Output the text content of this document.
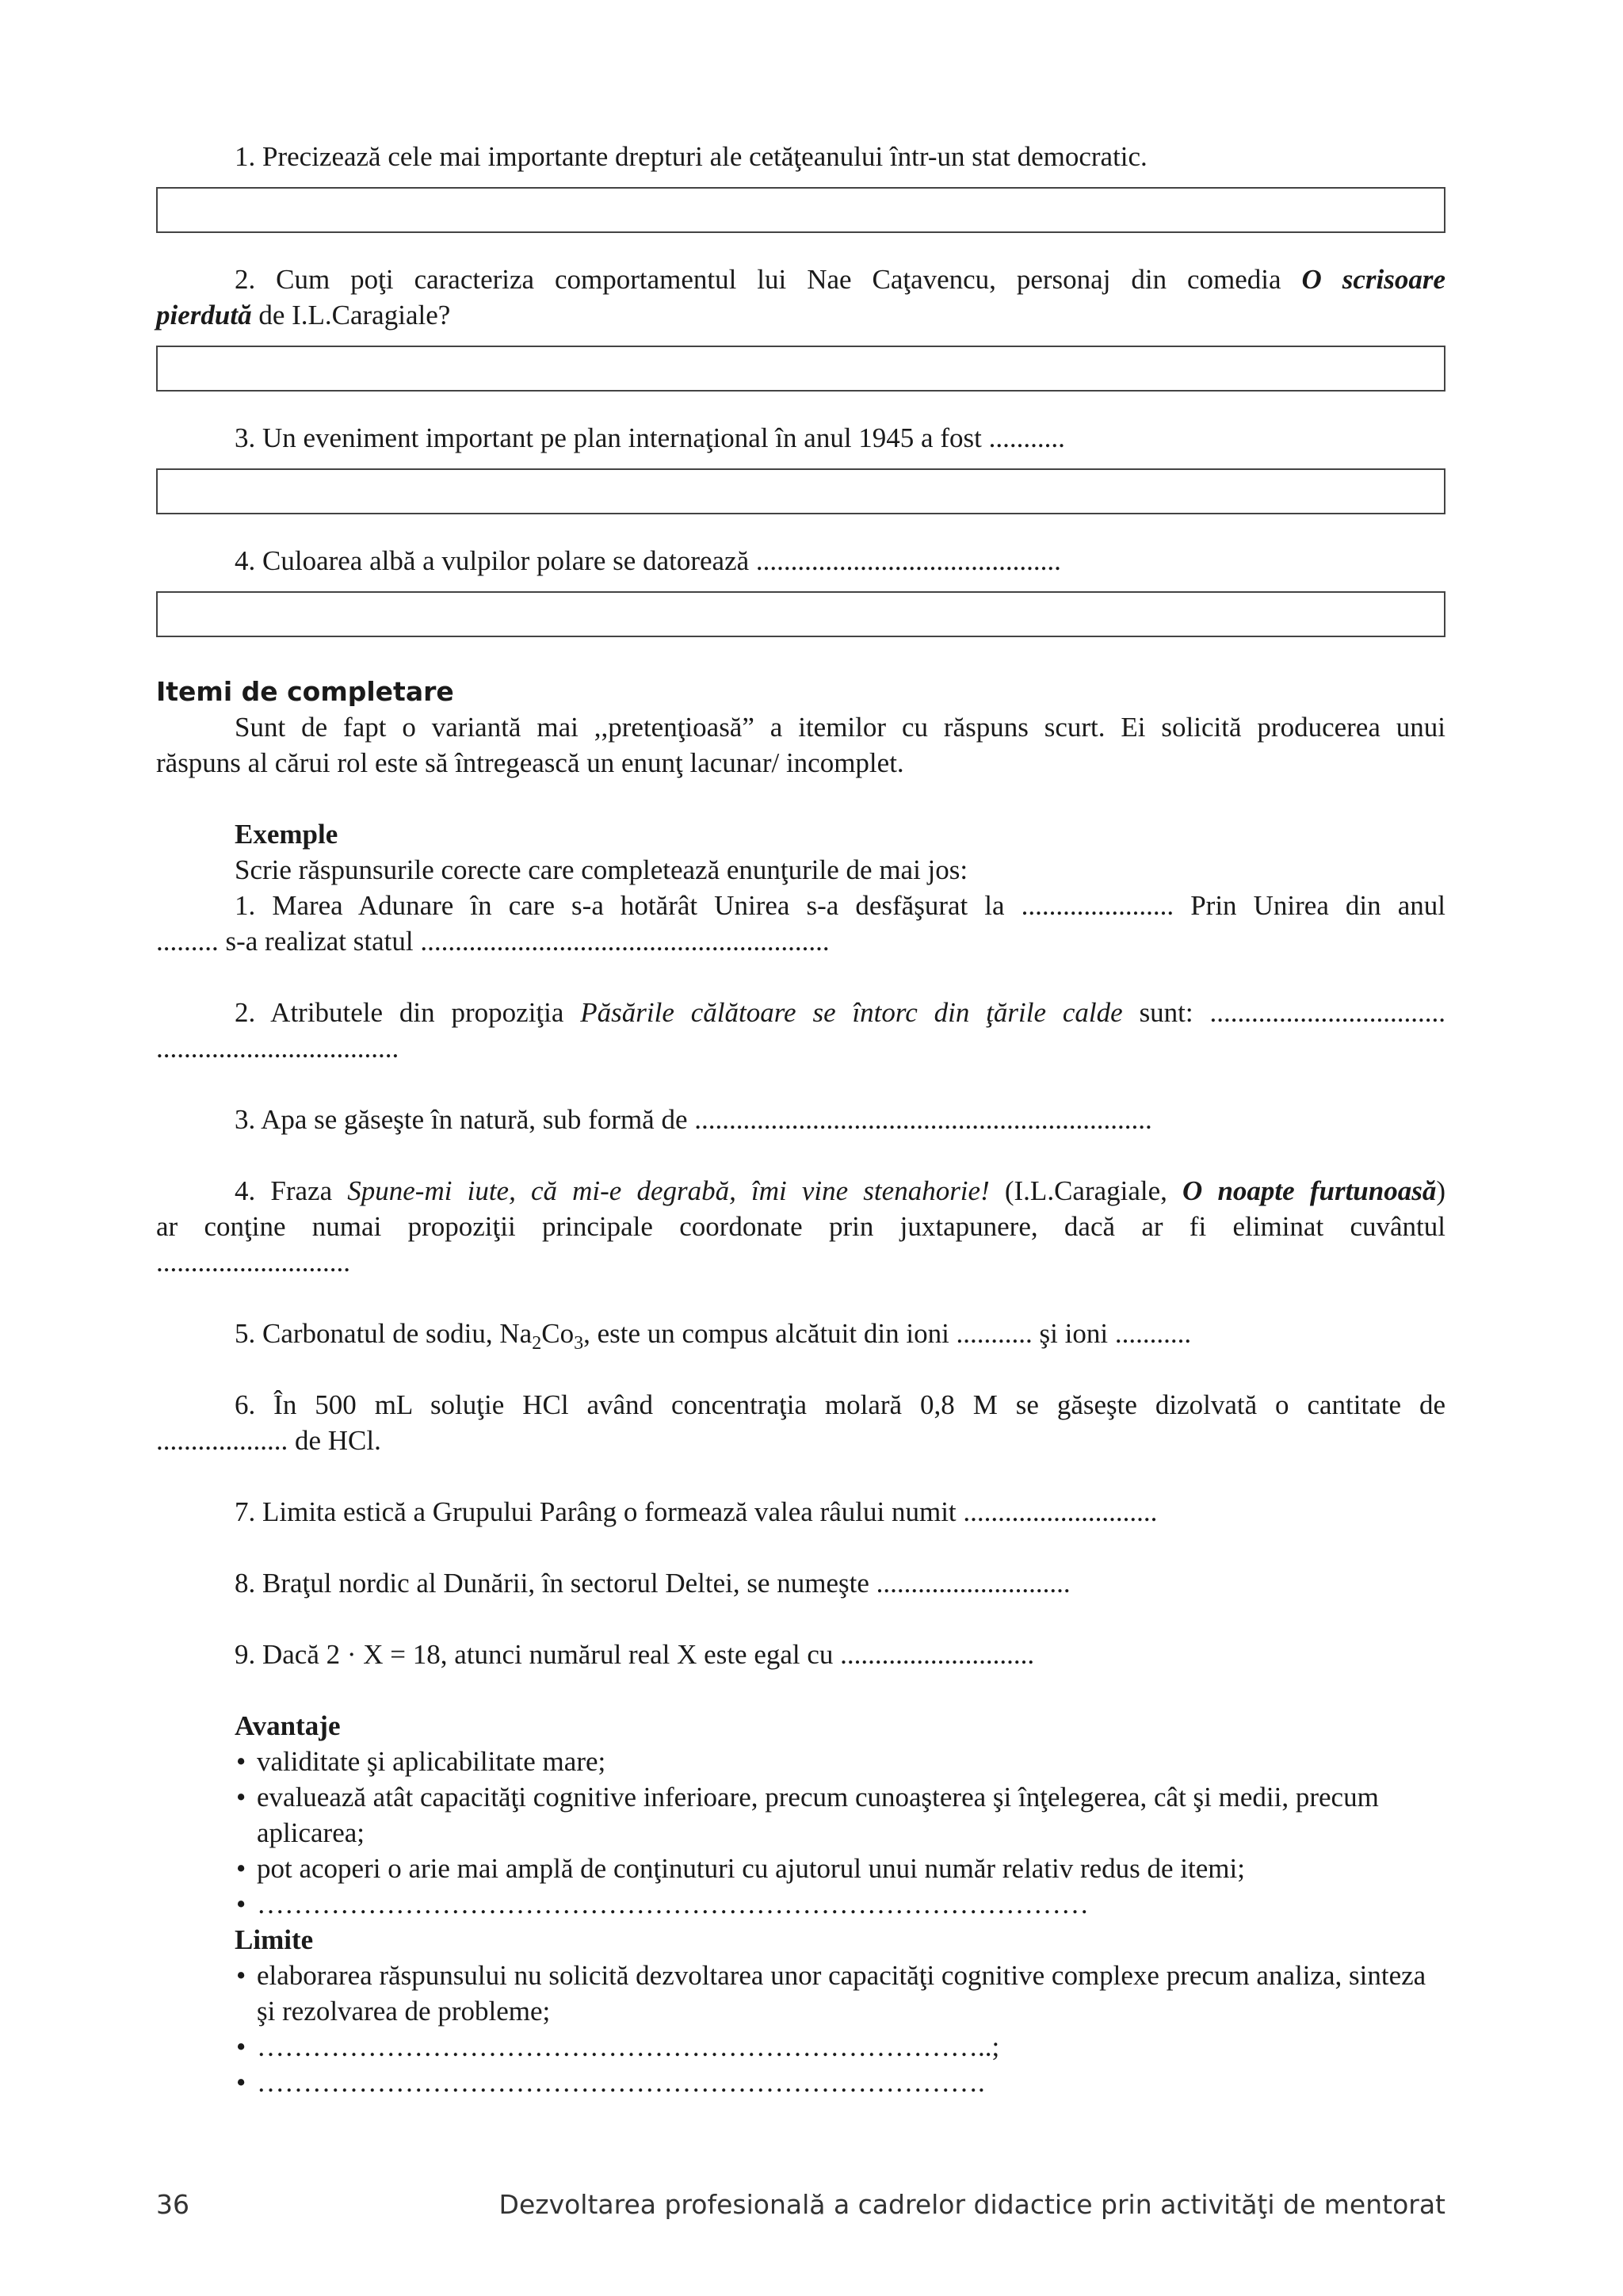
1. Precizează cele mai importante drepturi ale cetăţeanului într-un stat democratic.

2. Cum poţi caracteriza comportamentul lui Nae Caţavencu, personaj din comedia O scrisoare

pierdută de I.L.Caragiale?

3. Un eveniment important pe plan internaţional în anul 1945 a fost ...........

4. Culoarea albă a vulpilor polare se datorează ............................................

Itemi de completare

Sunt de fapt o variantă mai ,,pretenţioasă” a itemilor cu răspuns scurt. Ei solicită producerea unui

răspuns al cărui rol este să întregească un enunţ lacunar/ incomplet.

Exemple

Scrie răspunsurile corecte care completează enunţurile de mai jos:

1. Marea Adunare în care s-a hotărât Unirea s-a desfăşurat la ...................... Prin Unirea din anul

......... s-a realizat statul ...........................................................

2. Atributele din propoziţia Păsările călătoare se întorc din ţările calde sunt: ..................................

...................................

3. Apa se găseşte în natură, sub formă de ..................................................................

4. Fraza Spune-mi iute, că mi-e degrabă, îmi vine stenahorie! (I.L.Caragiale, O noapte furtunoasă)

ar conţine numai propoziţii principale coordonate prin juxtapunere, dacă ar fi eliminat cuvântul

............................

5. Carbonatul de sodiu, $Na_2Co_3$, este un compus alcătuit din ioni ........... şi ioni ...........

6. În 500 mL soluţie HCl având concentraţia molară 0,8 M se găseşte dizolvată o cantitate de

................... de HCl.

7. Limita estică a Grupului Parâng o formează valea râului numit ............................

8. Braţul nordic al Dunării, în sectorul Deltei, se numeşte ............................

9. Dacă 2 · X = 18, atunci numărul real X este egal cu ............................

Avantaje

• validitate şi aplicabilitate mare;
• evaluează atât capacităţi cognitive inferioare, precum cunoaşterea şi înţelegerea, cât şi medii, precum aplicarea;
• pot acoperi o arie mai amplă de conţinuturi cu ajutorul unui număr relativ redus de itemi;
• ………………………………………………………………………………

Limite

• elaborarea răspunsului nu solicită dezvoltarea unor capacităţi cognitive complexe precum analiza, sinteza şi rezolvarea de probleme;
• ……………………………………………………………………..;
• …………………………………………………………………….
36	Dezvoltarea profesională a cadrelor didactice prin activităţi de mentorat
